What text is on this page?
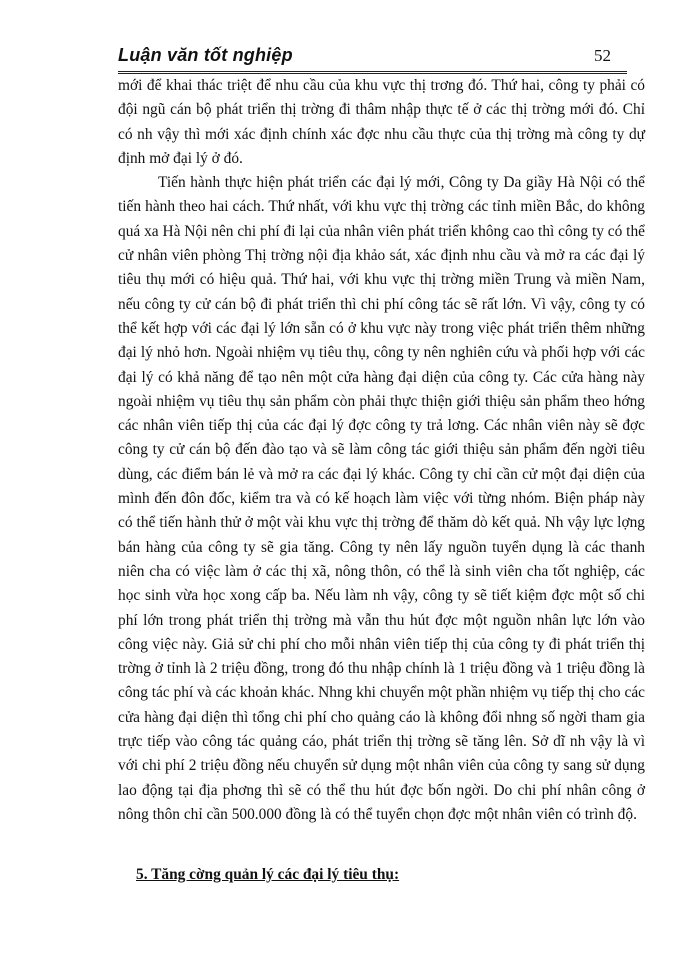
Luận văn tốt nghiệp	52

mới để khai thác triệt để nhu cầu của khu vực thị trơng đó. Thứ hai, công ty phải có đội ngũ cán bộ phát triển thị trờng đi thâm nhập thực tế ở các thị trờng mới đó. Chỉ có nh vậy thì mới xác định chính xác đợc nhu cầu thực của thị trờng mà công ty dự định mở đại lý ở đó.

Tiến hành thực hiện phát triển các đại lý mới, Công ty Da giầy Hà Nội có thể tiến hành theo hai cách. Thứ nhất, với khu vực thị trờng các tỉnh miền Bắc, do không quá xa Hà Nội nên chi phí đi lại của nhân viên phát triển không cao thì công ty có thể cử nhân viên phòng Thị trờng nội địa khảo sát, xác định nhu cầu và mở ra các đại lý tiêu thụ mới có hiệu quả. Thứ hai, với khu vực thị trờng miền Trung và miền Nam, nếu công ty cử cán bộ đi phát triển thì chi phí công tác sẽ rất lớn. Vì vậy, công ty có thể kết hợp với các đại lý lớn sẵn có ở khu vực này trong việc phát triển thêm những đại lý nhỏ hơn. Ngoài nhiệm vụ tiêu thụ, công ty nên nghiên cứu và phối hợp với các đại lý có khả năng để tạo nên một cửa hàng đại diện của công ty. Các cửa hàng này ngoài nhiệm vụ tiêu thụ sản phẩm còn phải thực thiện giới thiệu sản phẩm theo hớng các nhân viên tiếp thị của các đại lý đợc công ty trả lơng. Các nhân viên này sẽ đợc công ty cử cán bộ đến đào tạo và sẽ làm công tác giới thiệu sản phẩm đến ngời tiêu dùng, các điểm bán lẻ và mở ra các đại lý khác. Công ty chỉ cần cử một đại diện của mình đến đôn đốc, kiểm tra và có kế hoạch làm việc với từng nhóm. Biện pháp này có thể tiến hành thử ở một vài khu vực thị trờng để thăm dò kết quả. Nh vậy lực lợng bán hàng của công ty sẽ gia tăng. Công ty nên lấy nguồn tuyển dụng là các thanh niên cha có việc làm ở các thị xã, nông thôn, có thể là sinh viên cha tốt nghiệp, các học sinh vừa học xong cấp ba. Nếu làm nh vậy, công ty sẽ tiết kiệm đợc một số chi phí lớn trong phát triển thị trờng mà vẫn thu hút đợc một nguồn nhân lực lớn vào công việc này. Giả sử chi phí cho mỗi nhân viên tiếp thị của công ty đi phát triển thị trờng ở tỉnh là 2 triệu đồng, trong đó thu nhập chính là 1 triệu đồng và 1 triệu đồng là công tác phí và các khoản khác. Nhng khi chuyển một phần nhiệm vụ tiếp thị cho các cửa hàng đại diện thì tổng chi phí cho quảng cáo là không đổi nhng số ngời tham gia trực tiếp vào công tác quảng cáo, phát triển thị trờng sẽ tăng lên. Sở dĩ nh vậy là vì với chi phí 2 triệu đồng nếu chuyển sử dụng một nhân viên của công ty sang sử dụng lao động tại địa phơng thì sẽ có thể thu hút đợc bốn ngời. Do chi phí nhân công ở nông thôn chỉ cần 500.000 đồng là có thể tuyển chọn đợc một nhân viên có trình độ.

5. Tăng cờng quản lý các đại lý tiêu thụ:
